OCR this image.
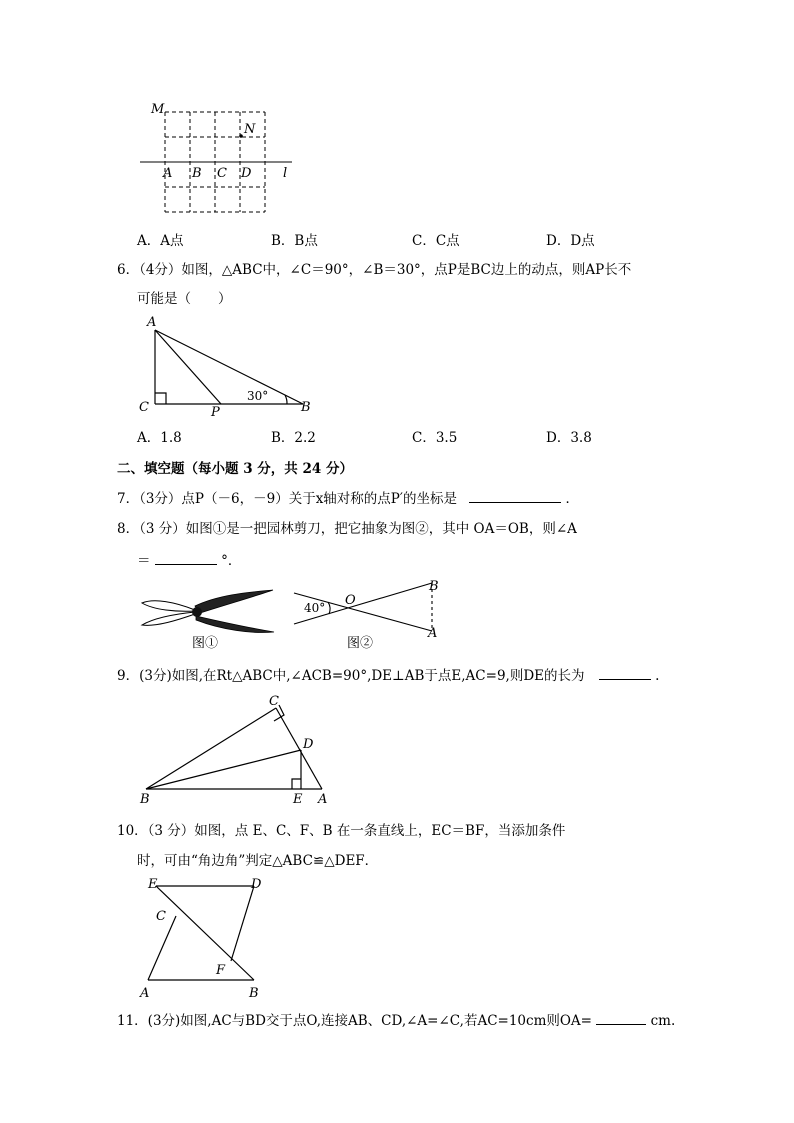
M
N
A B C D l
A．A点	B．B点	C．C点	D．D点
6．（4分）如图，△ABC中，∠C＝90°，∠B＝30°，点P是BC边上的动点，则AP长不
可能是（　　）
A
C	P	B
30°
A．1.8	B．2.2	C．3.5	D．3.8
二、填空题（每小题 3 分，共 24 分）
7．（3分）点P（－6，－9）关于x轴对称的点P′的坐标是	．
8．（3 分）如图①是一把园林剪刀，把它抽象为图②，其中 OA＝OB，则∠A
＝	°．
图①	图②
O
B
A
40°
9．(3分)如图,在Rt△ABC中,∠ACB=90°,DE⊥AB于点E,AC=9,则DE的长为	.
C
D
B	E A
10．（3 分）如图，点 E、C、F、B 在一条直线上，EC＝BF，当添加条件
时，可由“角边角”判定△ABC≌△DEF．
E	D
C
F
A	B
11．(3分)如图,AC与BD交于点O,连接AB、CD,∠A=∠C,若AC=10cm则OA=	cm.
